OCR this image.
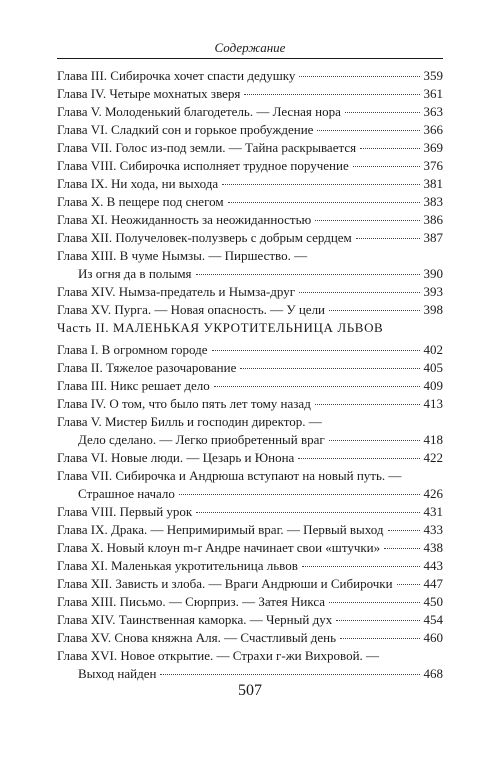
Содержание
Глава III. Сибирочка хочет спасти дедушку	359
Глава IV. Четыре мохнатых зверя	361
Глава V. Молоденький благодетель. — Лесная нора	363
Глава VI. Сладкий сон и горькое пробуждение	366
Глава VII. Голос из-под земли. — Тайна раскрывается	369
Глава VIII. Сибирочка исполняет трудное поручение	376
Глава IX. Ни хода, ни выхода	381
Глава X. В пещере под снегом	383
Глава XI. Неожиданность за неожиданностью	386
Глава XII. Получеловек-полузверь с добрым сердцем	387
Глава XIII. В чуме Нымзы. — Пиршество. —
Из огня да в полымя	390
Глава XIV. Нымза-предатель и Нымза-друг	393
Глава XV. Пурга. — Новая опасность. — У цели	398
Часть II. МАЛЕНЬКАЯ УКРОТИТЕЛЬНИЦА ЛЬВОВ
Глава I. В огромном городе	402
Глава II. Тяжелое разочарование	405
Глава III. Никс решает дело	409
Глава IV. О том, что было пять лет тому назад	413
Глава V. Мистер Билль и господин директор. —
Дело сделано. — Легко приобретенный враг	418
Глава VI. Новые люди. — Цезарь и Юнона	422
Глава VII. Сибирочка и Андрюша вступают на новый путь. —
Страшное начало	426
Глава VIII. Первый урок	431
Глава IX. Драка. — Непримиримый враг. — Первый выход	433
Глава X. Новый клоун m-r Андре начинает свои «штучки»	438
Глава XI. Маленькая укротительница львов	443
Глава XII. Зависть и злоба. — Враги Андрюши и Сибирочки 447
Глава XIII. Письмо. — Сюрприз. — Затея Никса	450
Глава XIV. Таинственная каморка. — Черный дух	454
Глава XV. Снова княжна Аля. — Счастливый день	460
Глава XVI. Новое открытие. — Страхи г-жи Вихровой. —
Выход найден	468
507
